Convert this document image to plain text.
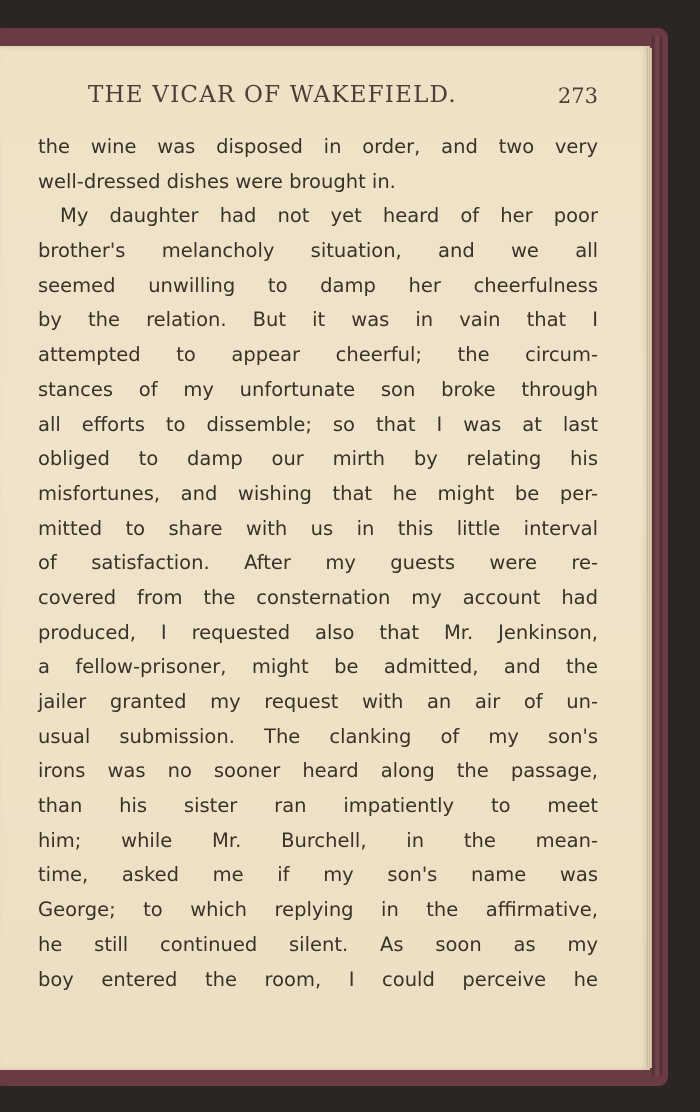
THE VICAR OF WAKEFIELD.	273
the wine was disposed in order, and two very
well-dressed dishes were brought in.
My daughter had not yet heard of her poor
brother's melancholy situation, and we all
seemed unwilling to damp her cheerfulness
by the relation. But it was in vain that I
attempted to appear cheerful; the circum-
stances of my unfortunate son broke through
all efforts to dissemble; so that I was at last
obliged to damp our mirth by relating his
misfortunes, and wishing that he might be per-
mitted to share with us in this little interval
of satisfaction. After my guests were re-
covered from the consternation my account had
produced, I requested also that Mr. Jenkinson,
a fellow-prisoner, might be admitted, and the
jailer granted my request with an air of un-
usual submission. The clanking of my son's
irons was no sooner heard along the passage,
than his sister ran impatiently to meet
him; while Mr. Burchell, in the mean-
time, asked me if my son's name was
George; to which replying in the affirmative,
he still continued silent. As soon as my
boy entered the room, I could perceive he
